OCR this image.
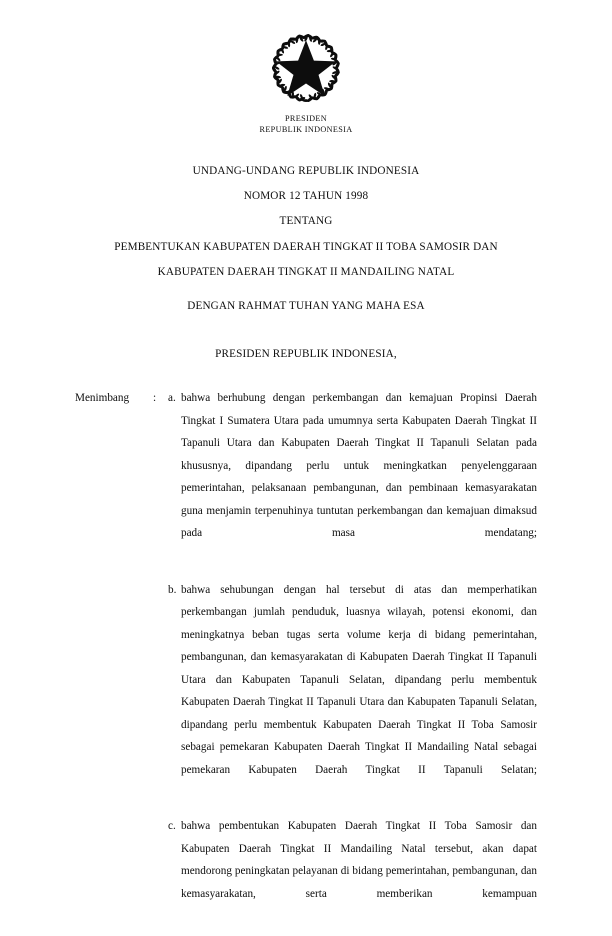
PRESIDEN
REPUBLIK INDONESIA
UNDANG-UNDANG REPUBLIK INDONESIA
NOMOR 12 TAHUN 1998
TENTANG
PEMBENTUKAN KABUPATEN DAERAH TINGKAT II TOBA SAMOSIR DAN
KABUPATEN DAERAH TINGKAT II MANDAILING NATAL
DENGAN RAHMAT TUHAN YANG MAHA ESA
PRESIDEN REPUBLIK INDONESIA,
Menimbang	:	a. bahwa berhubung dengan perkembangan dan kemajuan Propinsi Daerah Tingkat I Sumatera Utara pada umumnya serta Kabupaten Daerah Tingkat II Tapanuli Utara dan Kabupaten Daerah Tingkat II Tapanuli Selatan pada khususnya, dipandang perlu untuk meningkatkan penyelenggaraan pemerintahan, pelaksanaan pembangunan, dan pembinaan kemasyarakatan guna menjamin terpenuhinya tuntutan perkembangan dan kemajuan dimaksud pada masa mendatang;
b. bahwa sehubungan dengan hal tersebut di atas dan memperhatikan perkembangan jumlah penduduk, luasnya wilayah, potensi ekonomi, dan meningkatnya beban tugas serta volume kerja di bidang pemerintahan, pembangunan, dan kemasyarakatan di Kabupaten Daerah Tingkat II Tapanuli Utara dan Kabupaten Tapanuli Selatan, dipandang perlu membentuk Kabupaten Daerah Tingkat II Tapanuli Utara dan Kabupaten Tapanuli Selatan, dipandang perlu membentuk Kabupaten Daerah Tingkat II Toba Samosir sebagai pemekaran Kabupaten Daerah Tingkat II Mandailing Natal sebagai pemekaran Kabupaten Daerah Tingkat II Tapanuli Selatan;
c. bahwa pembentukan Kabupaten Daerah Tingkat II Toba Samosir dan Kabupaten Daerah Tingkat II Mandailing Natal tersebut, akan dapat mendorong peningkatan pelayanan di bidang pemerintahan, pembangunan, dan kemasyarakatan, serta memberikan kemampuan
